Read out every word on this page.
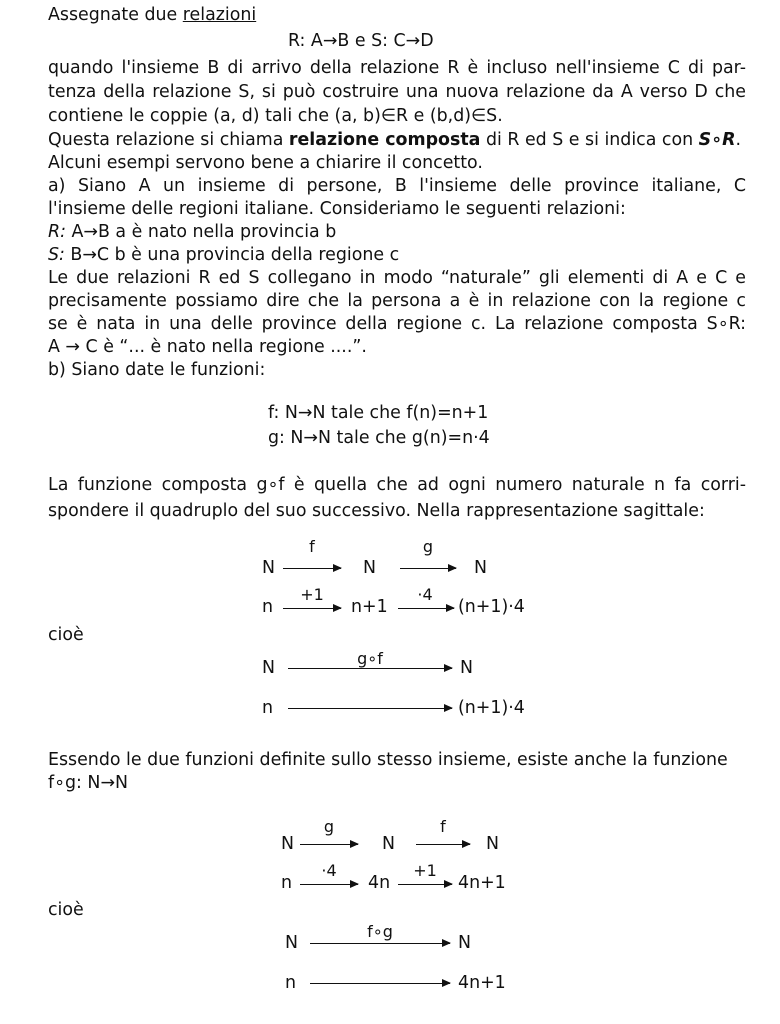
Assegnate due relazioni
R: A→B e S: C→D
quando l'insieme B di arrivo della relazione R è incluso nell'insieme C di par-
tenza della relazione S, si può costruire una nuova relazione da A verso D che
contiene le coppie (a, d) tali che (a, b)∈R e (b,d)∈S.
Questa relazione si chiama relazione composta di R ed S e si indica con S∘R.
Alcuni esempi servono bene a chiarire il concetto.
a) Siano A un insieme di persone, B l'insieme delle province italiane, C
l'insieme delle regioni italiane. Consideriamo le seguenti relazioni:
R: A→B a è nato nella provincia b
S: B→C b è una provincia della regione c
Le due relazioni R ed S collegano in modo “naturale” gli elementi di A e C e
precisamente possiamo dire che la persona a è in relazione con la regione c
se è nata in una delle province della regione c. La relazione composta S∘R:
A → C è “... è nato nella regione ....”.
b) Siano date le funzioni:
f: N→N tale che f(n)=n+1
g: N→N tale che g(n)=n·4
La funzione composta g∘f è quella che ad ogni numero naturale n fa corri-
spondere il quadruplo del suo successivo. Nella rappresentazione sagittale:
N
f
N
g
N
n
+1
n+1
·4
(n+1)·4
cioè
N	g∘f	N
n	(n+1)·4
Essendo le due funzioni definite sullo stesso insieme, esiste anche la funzione
f∘g: N→N
N
g
N
f
N
n
·4
4n
+1
4n+1
cioè
N
f∘g
N
n	4n+1
